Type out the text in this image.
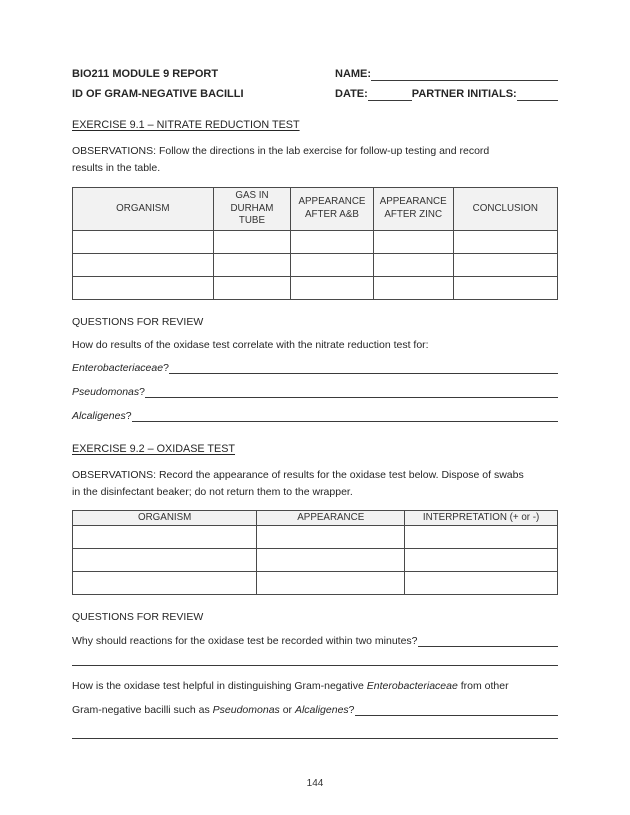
BIO211 MODULE 9 REPORT	NAME:
ID OF GRAM-NEGATIVE BACILLI	DATE:	PARTNER INITIALS:
EXERCISE 9.1 – NITRATE REDUCTION TEST
OBSERVATIONS: Follow the directions in the lab exercise for follow-up testing and record
results in the table.
ORGANISM	GAS IN DURHAM TUBE	APPEARANCE AFTER A&B	APPEARANCE AFTER ZINC	CONCLUSION

QUESTIONS FOR REVIEW
How do results of the oxidase test correlate with the nitrate reduction test for:
Enterobacteriaceae ?
Pseudomonas ?
Alcaligenes ?
EXERCISE 9.2 – OXIDASE TEST
OBSERVATIONS: Record the appearance of results for the oxidase test below. Dispose of swabs
in the disinfectant beaker; do not return them to the wrapper.
ORGANISM	APPEARANCE	INTERPRETATION (+ or -)

QUESTIONS FOR REVIEW
Why should reactions for the oxidase test be recorded within two minutes?
How is the oxidase test helpful in distinguishing Gram-negative Enterobacteriaceae from other
Gram-negative bacilli such as Pseudomonas or Alcaligenes?
144
